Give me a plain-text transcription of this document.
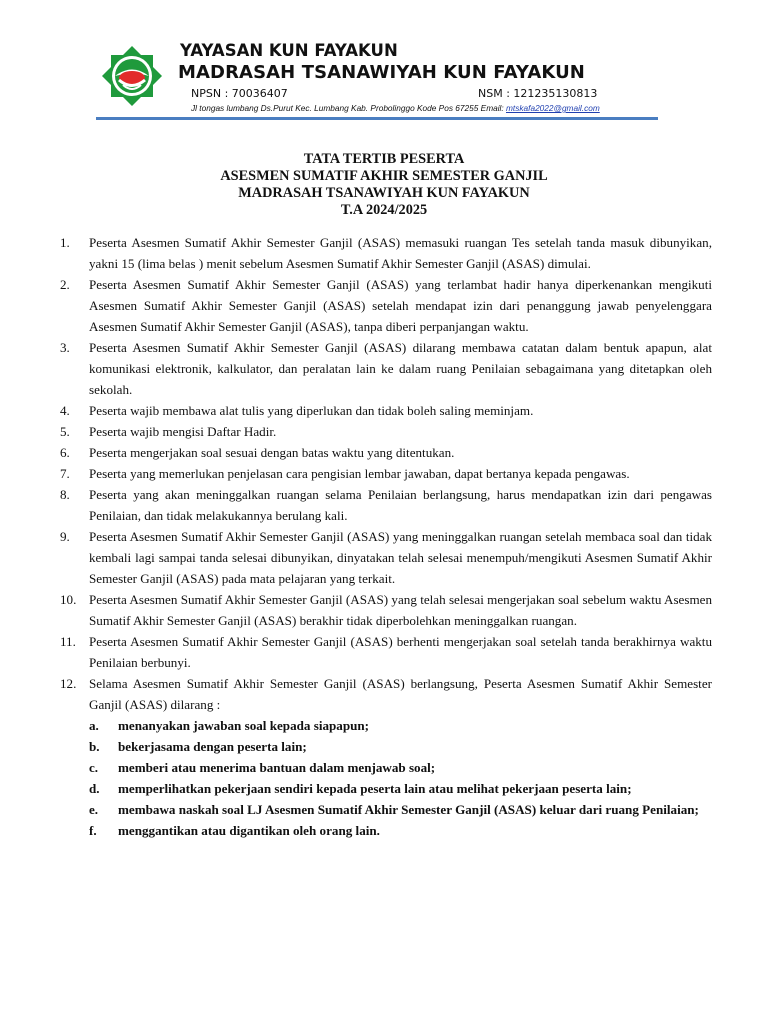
YAYASAN KUN FAYAKUN
MADRASAH TSANAWIYAH KUN FAYAKUN
NPSN : 70036407	NSM : 121235130813
Jl tongas lumbang Ds.Purut Kec. Lumbang Kab. Probolinggo Kode Pos 67255 Email: mtskafa2022@gmail.com
TATA TERTIB PESERTA
ASESMEN SUMATIF AKHIR SEMESTER GANJIL
MADRASAH TSANAWIYAH KUN FAYAKUN
T.A 2024/2025
1.	Peserta Asesmen Sumatif Akhir Semester Ganjil (ASAS) memasuki ruangan Tes setelah tanda masuk dibunyikan, yakni 15 (lima belas ) menit sebelum Asesmen Sumatif Akhir Semester Ganjil (ASAS) dimulai.
2.	Peserta Asesmen Sumatif Akhir Semester Ganjil (ASAS) yang terlambat hadir hanya diperkenankan mengikuti Asesmen Sumatif Akhir Semester Ganjil (ASAS) setelah mendapat izin dari penanggung jawab penyelenggara Asesmen Sumatif Akhir Semester Ganjil (ASAS), tanpa diberi perpanjangan waktu.
3.	Peserta Asesmen Sumatif Akhir Semester Ganjil (ASAS) dilarang membawa catatan dalam bentuk apapun, alat komunikasi elektronik, kalkulator, dan peralatan lain ke dalam ruang Penilaian sebagaimana yang ditetapkan oleh sekolah.
4.	Peserta wajib membawa alat tulis yang diperlukan dan tidak boleh saling meminjam.
5.	Peserta wajib mengisi Daftar Hadir.
6.	Peserta mengerjakan soal sesuai dengan batas waktu yang ditentukan.
7.	Peserta yang memerlukan penjelasan cara pengisian lembar jawaban, dapat bertanya kepada pengawas.
8.	Peserta yang akan meninggalkan ruangan selama Penilaian berlangsung, harus mendapatkan izin dari pengawas Penilaian, dan tidak melakukannya berulang kali.
9.	Peserta Asesmen Sumatif Akhir Semester Ganjil (ASAS) yang meninggalkan ruangan setelah membaca soal dan tidak kembali lagi sampai tanda selesai dibunyikan, dinyatakan telah selesai menempuh/mengikuti Asesmen Sumatif Akhir Semester Ganjil (ASAS) pada mata pelajaran yang terkait.
10. Peserta Asesmen Sumatif Akhir Semester Ganjil (ASAS) yang telah selesai mengerjakan soal sebelum waktu Asesmen Sumatif Akhir Semester Ganjil (ASAS) berakhir tidak diperbolehkan meninggalkan ruangan.
11.	Peserta Asesmen Sumatif Akhir Semester Ganjil (ASAS) berhenti mengerjakan soal setelah tanda berakhirnya waktu Penilaian berbunyi.
12. Selama Asesmen Sumatif Akhir Semester Ganjil (ASAS) berlangsung, Peserta Asesmen Sumatif Akhir Semester Ganjil (ASAS) dilarang :
a.	menanyakan jawaban soal kepada siapapun;
b.	bekerjasama dengan peserta lain;
c.	memberi atau menerima bantuan dalam menjawab soal;
d.	memperlihatkan pekerjaan sendiri kepada peserta lain atau melihat pekerjaan peserta lain;
e.	membawa naskah soal LJ Asesmen Sumatif Akhir Semester Ganjil (ASAS) keluar dari ruang Penilaian;
f.	menggantikan atau digantikan oleh orang lain.
